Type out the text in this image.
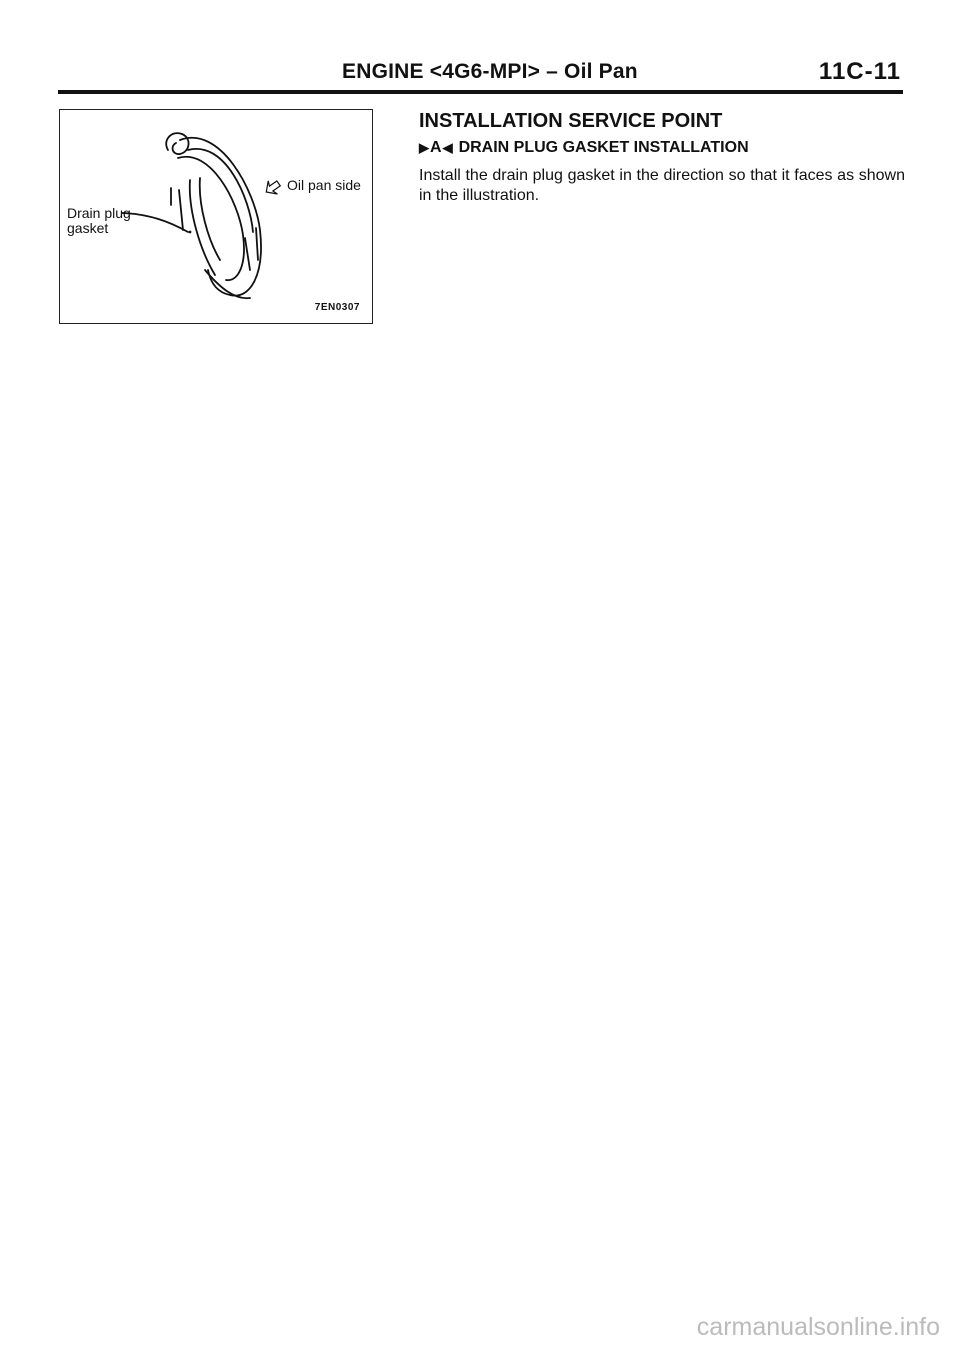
ENGINE <4G6-MPI> – Oil Pan	11C-11
Oil pan side
Drain plug gasket
7EN0307
INSTALLATION SERVICE POINT
▶ A ◀ DRAIN PLUG GASKET INSTALLATION
Install the drain plug gasket in the direction so that it faces as shown in the illustration.
carmanualsonline.info
